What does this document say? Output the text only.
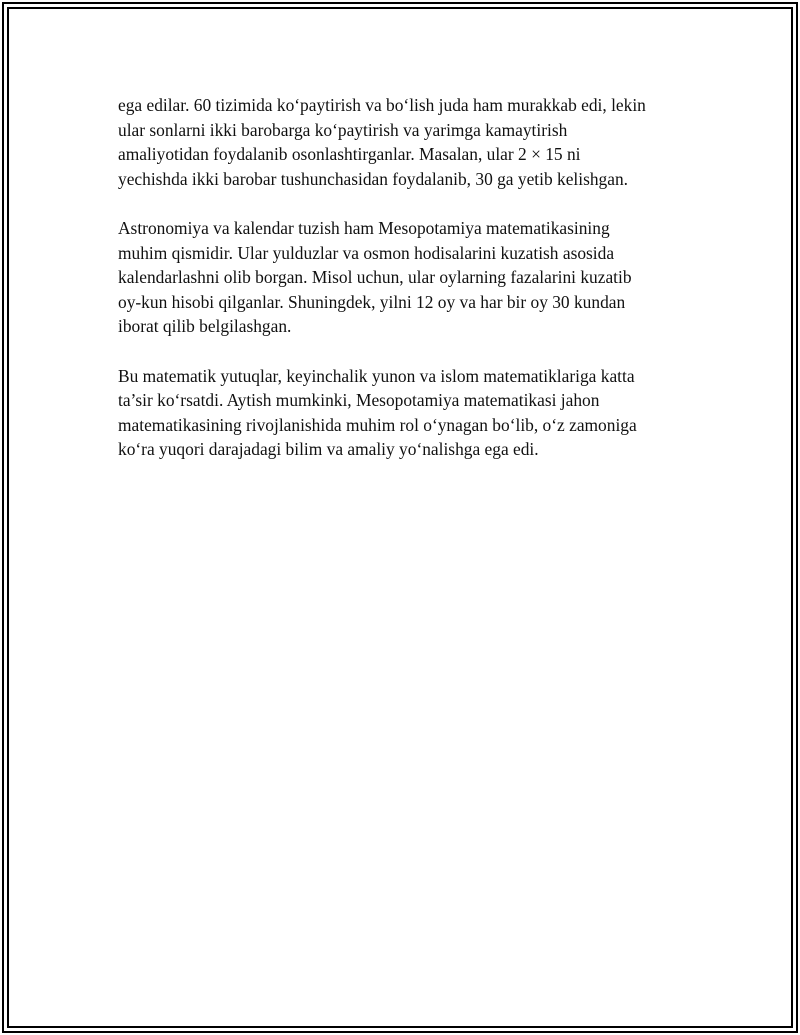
ega edilar. 60 tizimida ko‘paytirish va bo‘lish juda ham murakkab edi, lekin
ular sonlarni ikki barobarga ko‘paytirish va yarimga kamaytirish
amaliyotidan foydalanib osonlashtirganlar. Masalan, ular 2 × 15 ni
yechishda ikki barobar tushunchasidan foydalanib, 30 ga yetib kelishgan.

Astronomiya va kalendar tuzish ham Mesopotamiya matematikasining
muhim qismidir. Ular yulduzlar va osmon hodisalarini kuzatish asosida
kalendarlashni olib borgan. Misol uchun, ular oylarning fazalarini kuzatib
oy-kun hisobi qilganlar. Shuningdek, yilni 12 oy va har bir oy 30 kundan
iborat qilib belgilashgan.

Bu matematik yutuqlar, keyinchalik yunon va islom matematiklariga katta
ta’sir ko‘rsatdi. Aytish mumkinki, Mesopotamiya matematikasi jahon
matematikasining rivojlanishida muhim rol o‘ynagan bo‘lib, o‘z zamoniga
ko‘ra yuqori darajadagi bilim va amaliy yo‘nalishga ega edi.
